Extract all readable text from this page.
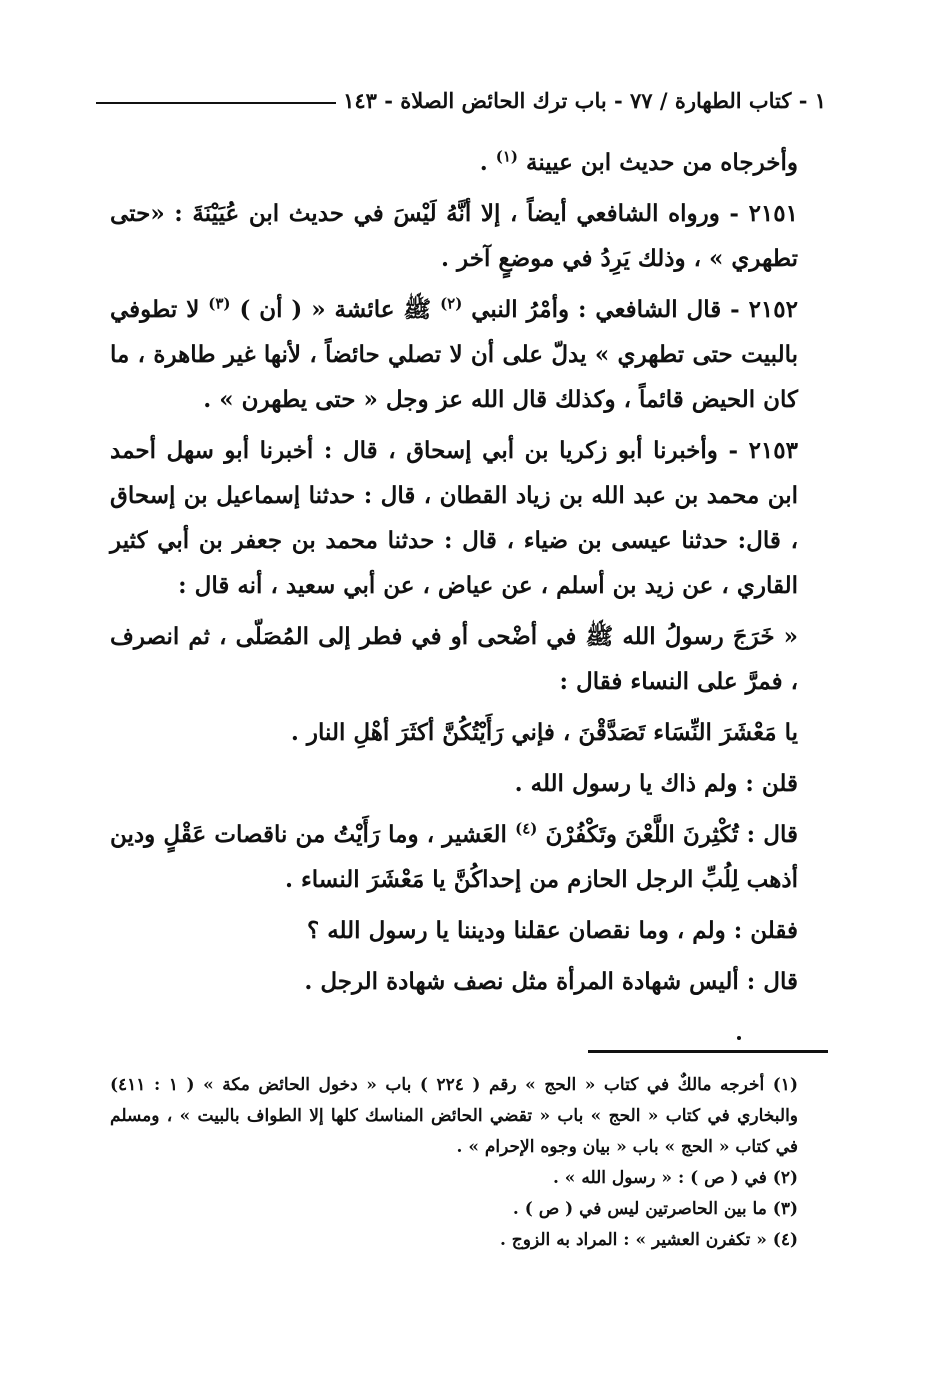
١ - كتاب الطهارة / ٧٧ - باب ترك الحائض الصلاة - ١٤٣

وأخرجاه من حديث ابن عيينة $^{(١)}$ .

٢١٥١ - ورواه الشافعي أيضاً ، إلا أنَّهُ لَيْسَ في حديث ابن عُيَيْنَةَ : «حتى تطهري » ، وذلك يَرِدُ في موضعٍ آخر .

٢١٥٢ - قال الشافعي : وأمْرُ النبي $^{(٢)}$ ﷺ عائشة « ( أن ) $^{(٣)}$ لا تطوفي بالبيت حتى تطهري » يدلّ على أن لا تصلي حائضاً ، لأنها غير طاهرة ، ما كان الحيض قائماً ، وكذلك قال الله عز وجل « حتى يطهرن » .

٢١٥٣ - وأخبرنا أبو زكريا بن أبي إسحاق ، قال : أخبرنا أبو سهل أحمد ابن محمد بن عبد الله بن زياد القطان ، قال : حدثنا إسماعيل بن إسحاق ، قال: حدثنا عيسى بن ضياء ، قال : حدثنا محمد بن جعفر بن أبي كثير القاري ، عن زيد بن أسلم ، عن عياض ، عن أبي سعيد ، أنه قال :

« خَرَجَ رسولُ الله ﷺ في أضْحى أو في فطر إلى المُصَلّى ، ثم انصرف ، فمرَّ على النساء فقال :

يا مَعْشَرَ النِّسَاء تَصَدَّقْنَ ، فإني رَأَيْتُكُنَّ أكثَرَ أهْلِ النار .

قلن : ولم ذاك يا رسول الله .

قال : تُكْثِرنَ اللَّعْنَ وتَكْفُرْنَ $^{(٤)}$ العَشير ، وما رَأَيْتُ من ناقصات عَقْلٍ ودين أذهب لِلُبِّ الرجل الحازم من إحداكُنَّ يا مَعْشَرَ النساء .

فقلن : ولم ، وما نقصان عقلنا وديننا يا رسول الله ؟

قال : أليس شهادة المرأة مثل نصف شهادة الرجل .

(١) أخرجه مالكٌ في كتاب « الحج » رقم ( ٢٢٤ ) باب « دخول الحائض مكة » ( ١ : ٤١١) والبخاري في كتاب « الحج » باب « تقضي الحائض المناسك كلها إلا الطواف بالبيت » ، ومسلم في كتاب « الحج » باب « بيان وجوه الإحرام » .

(٢) في ( ص ) : « رسول الله » .

(٣) ما بين الحاصرتين ليس في ( ص ) .

(٤) « تكفرن العشير » : المراد به الزوج .
